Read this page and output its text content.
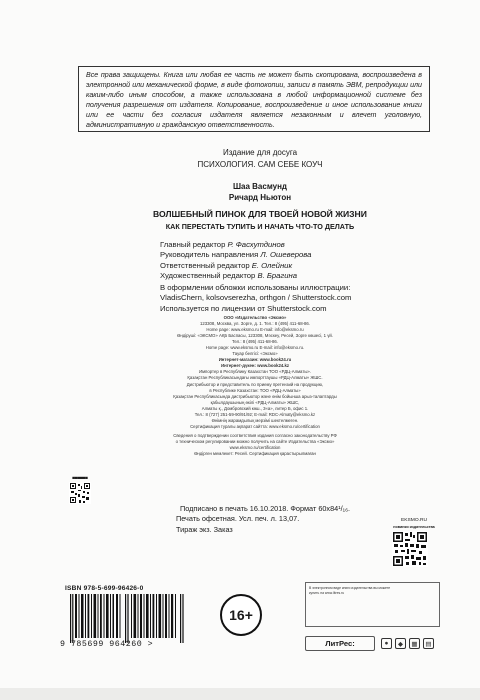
Все права защищены. Книга или любая ее часть не может быть скопирована, воспроизведена в электронной или механической форме, в виде фотокопии, записи в память ЭВМ, репродукции или каким-либо иным способом, а также использована в любой информационной системе без получения разрешения от издателя. Копирование, воспроизведение и иное использование книги или ее части без согласия издателя является незаконным и влечет уголовную, административную и гражданскую ответственность.

Издание для досуга
ПСИХОЛОГИЯ. САМ СЕБЕ КОУЧ
Шаа Васмунд
Ричард Ньютон
ВОЛШЕБНЫЙ ПИНОК ДЛЯ ТВОЕЙ НОВОЙ ЖИЗНИ
КАК ПЕРЕСТАТЬ ТУПИТЬ И НАЧАТЬ ЧТО-ТО ДЕЛАТЬ
Главный редактор Р. Фасхутдинов
Руководитель направления Л. Ошеверова
Ответственный редактор Е. Олейник
Художественный редактор В. Брагина
В оформлении обложки использованы иллюстрации:
VladisChern, kolsovserezha, orthgon / Shutterstock.com
Используется по лицензии от Shutterstock.com
ООО «Издательство «Эксмо»
123308, Москва, ул. Зорге, д. 1. Тел.: 8 (495) 411-68-86.
Home page: www.eksmo.ru E-mail: info@eksmo.ru
Өндіруші: «ЭКСМО» АҚБ Баспасы, 123308, Мәскеу, Ресей, Зорге көшесі, 1 үй.
Тел.: 8 (495) 411-68-86.
Home page: www.eksmo.ru E-mail: info@eksmo.ru.
Тауар белгісі: «Эксмо»
Интернет-магазин: www.book24.ru
Интернет-дүкен: www.book24.kz
Импортер в Республику Казахстан ТОО «РДЦ-Алматы».
Қазақстан Республикасындағы импорттаушы «РДЦ-Алматы» ЖШС.
Дистрибьютор и представитель по приему претензий на продукцию,
в Республике Казахстан: ТОО «РДЦ-Алматы»
Қазақстан Республикасында дистрибьютор және өнім бойынша арыз-талаптарды
қабылдаушының өкілі «РДЦ-Алматы» ЖШС,
Алматы қ., Домбровский көш., 3«а», литер Б, офис 1.
Тел.: 8 (727) 251-59-90/91/92; E-mail: RDC-Almaty@eksmo.kz
Өнімнің жарамдылық мерзімі шектелмеген.
Сертификация туралы ақпарат сайтта: www.eksmo.ru/certification
Сведения о подтверждении соответствия издания согласно законодательству РФ
о техническом регулировании можно получить на сайте Издательства «Эксмо»
www.eksmo.ru/certification
Өндірген мемлекет: Ресей. Сертификация қарастырылмаған
Подписано в печать 16.10.2018. Формат 60x84¹/₁₆.
Печать офсетная. Усл. печ. л. 13,07.
Тираж экз. Заказ
▀▀▀▀▀▀
EKSMO.RU
новинки издательства
ISBN 978-5-699-96426-0
9 785699 964260 >
16+
В электронном виде книги издательства вы можете
купить на www.litres.ru
ЛитРес:	●	◆	▦	▤
